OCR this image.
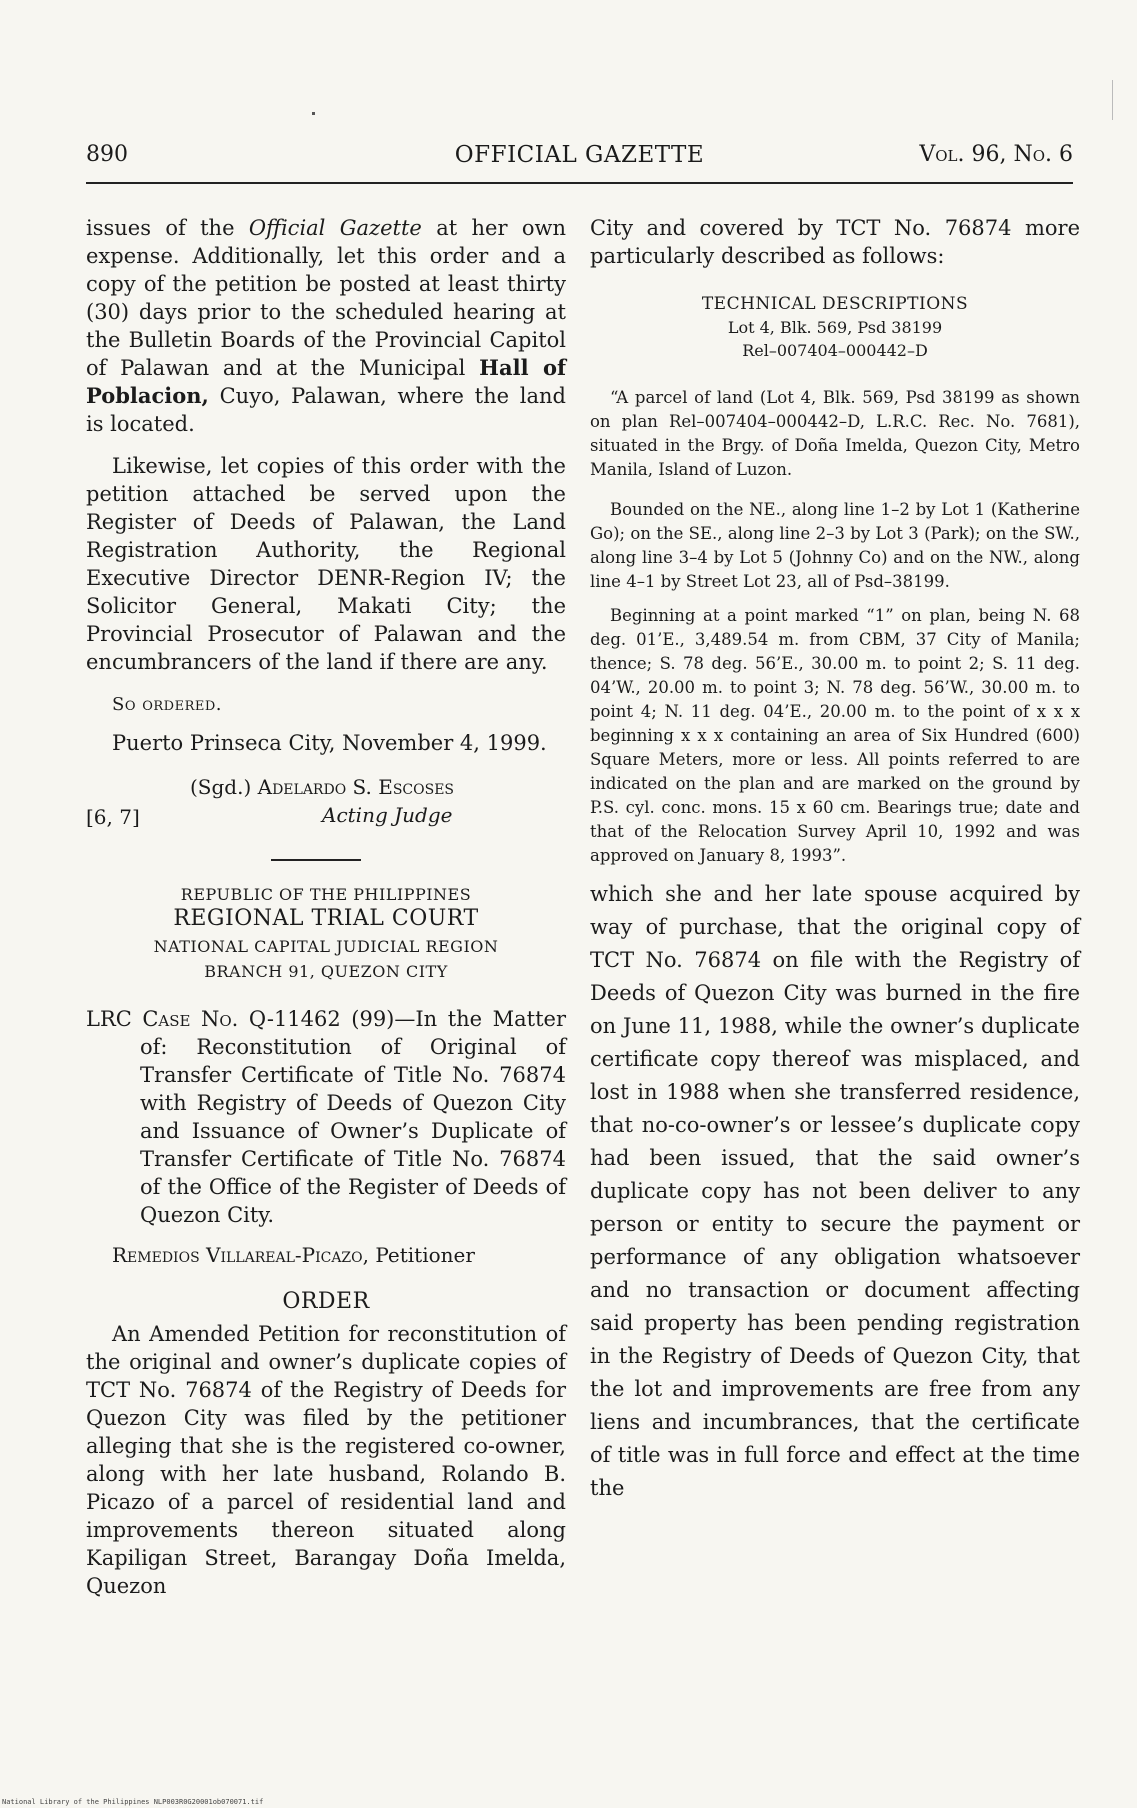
890	OFFICIAL GAZETTE	Vol. 96, No. 6

issues of the Official Gazette at her own expense. Additionally, let this order and a copy of the petition be posted at least thirty (30) days prior to the scheduled hearing at the Bulletin Boards of the Provincial Capitol of Palawan and at the Municipal Hall of Poblacion, Cuyo, Palawan, where the land is located.

Likewise, let copies of this order with the petition attached be served upon the Register of Deeds of Palawan, the Land Registration Authority, the Regional Executive Director DENR-Region IV; the Solicitor General, Makati City; the Provincial Prosecutor of Palawan and the encumbrancers of the land if there are any.

So ordered.
Puerto Prinseca City, November 4, 1999.
(Sgd.) Adelardo S. Escoses
Acting Judge
[6, 7]
REPUBLIC OF THE PHILIPPINES
REGIONAL TRIAL COURT
NATIONAL CAPITAL JUDICIAL REGION
BRANCH 91, QUEZON CITY
LRC Case No. Q-11462 (99)—In the Matter of: Reconstitution of Original of Transfer Certificate of Title No. 76874 with Registry of Deeds of Quezon City and Issuance of Owner’s Duplicate of Transfer Certificate of Title No. 76874 of the Office of the Register of Deeds of Quezon City.
Remedios Villareal-Picazo, Petitioner
ORDER

An Amended Petition for reconstitution of the original and owner’s duplicate copies of TCT No. 76874 of the Registry of Deeds for Quezon City was filed by the petitioner alleging that she is the registered co-owner, along with her late husband, Rolando B. Picazo of a parcel of residential land and improvements thereon situated along Kapiligan Street, Barangay Doña Imelda, Quezon

City and covered by TCT No. 76874 more particularly described as follows:

TECHNICAL DESCRIPTIONS
Lot 4, Blk. 569, Psd 38199
Rel–007404–000442–D

“A parcel of land (Lot 4, Blk. 569, Psd 38199 as shown on plan Rel–007404–000442–D, L.R.C. Rec. No. 7681), situated in the Brgy. of Doña Imelda, Quezon City, Metro Manila, Island of Luzon.

Bounded on the NE., along line 1–2 by Lot 1 (Katherine Go); on the SE., along line 2–3 by Lot 3 (Park); on the SW., along line 3–4 by Lot 5 (Johnny Co) and on the NW., along line 4–1 by Street Lot 23, all of Psd–38199.

Beginning at a point marked “1” on plan, being N. 68 deg. 01’E., 3,489.54 m. from CBM, 37 City of Manila; thence; S. 78 deg. 56’E., 30.00 m. to point 2; S. 11 deg. 04’W., 20.00 m. to point 3; N. 78 deg. 56’W., 30.00 m. to point 4; N. 11 deg. 04’E., 20.00 m. to the point of x x x beginning x x x containing an area of Six Hundred (600) Square Meters, more or less. All points referred to are indicated on the plan and are marked on the ground by P.S. cyl. conc. mons. 15 x 60 cm. Bearings true; date and that of the Relocation Survey April 10, 1992 and was approved on January 8, 1993”.

which she and her late spouse acquired by way of purchase, that the original copy of TCT No. 76874 on file with the Registry of Deeds of Quezon City was burned in the fire on June 11, 1988, while the owner’s duplicate certificate copy thereof was misplaced, and lost in 1988 when she transferred residence, that no-co-owner’s or lessee’s duplicate copy had been issued, that the said owner’s duplicate copy has not been deliver to any person or entity to secure the payment or performance of any obligation whatsoever and no transaction or document affecting said property has been pending registration in the Registry of Deeds of Quezon City, that the lot and improvements are free from any liens and incumbrances, that the certificate of title was in full force and effect at the time the

National Library of the Philippines NLP003R0G20001ob070071.tif
